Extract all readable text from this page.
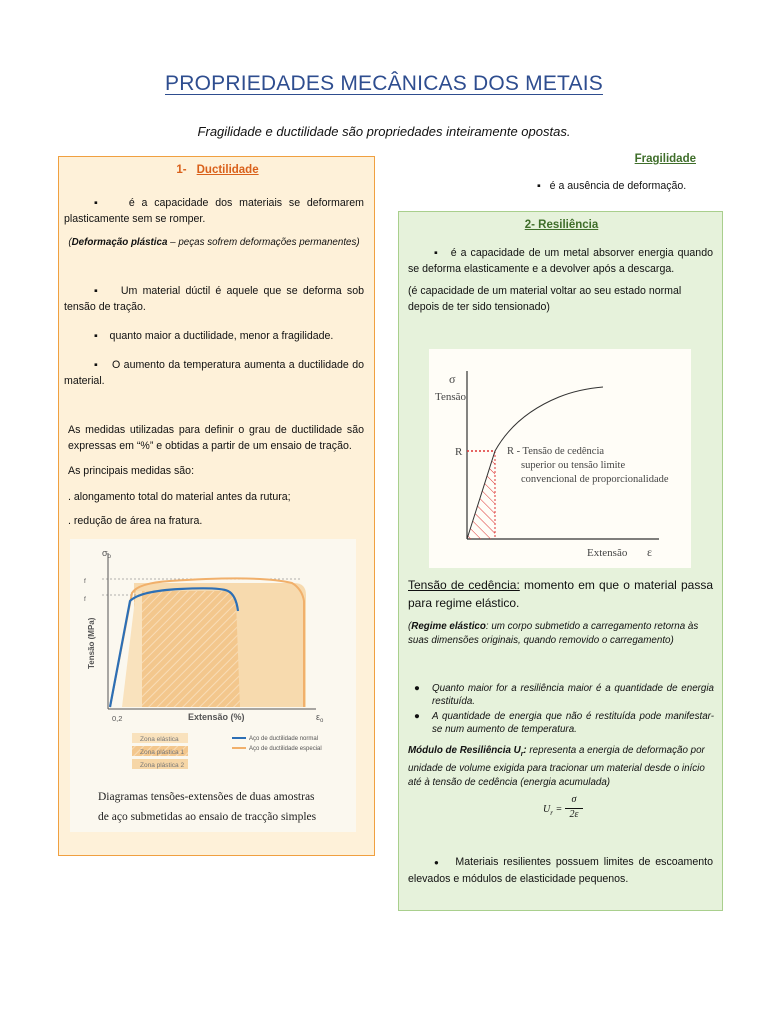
PROPRIEDADES MECÂNICAS DOS METAIS
Fragilidade e ductilidade são propriedades inteiramente opostas.
Fragilidade
▪    é a ausência de deformação.
1- Ductilidade
▪     é a capacidade dos materiais se deformarem plasticamente sem se romper.
(Deformação plástica – peças sofrem deformações permanentes)
▪     Um material dúctil é aquele que se deforma sob tensão de tração.
▪     quanto maior a ductilidade, menor a fragilidade.
▪     O aumento da temperatura aumenta a ductilidade do material.
As medidas utilizadas para definir o grau de ductilidade são expressas em “%” e obtidas a partir de um ensaio de tração.
As principais medidas são:
. alongamento total do material antes da rutura;
. redução de área na fratura.
$\sigma_o$
f
f
Tensão (MPa)
0,2	Extensão (%)	$\varepsilon_o$
Zona elástica
Zona plástica 1
Zona plástica 2
Aço de ductilidade normal
Aço de ductilidade especial
Diagramas tensões-extensões de duas amostras
de aço submetidas ao ensaio de tracção simples
2- Resiliência
▪    é a capacidade de um metal absorver energia quando se deforma elasticamente e a devolver após a descarga.
(é capacidade de um material voltar ao seu estado normal depois de ter sido tensionado)
σ
Tensão
R	R - Tensão de cedência
superior ou tensão limite
convencional de proporcionalidade
Extensão ε
Tensão de cedência: momento em que o material passa para regime elástico.
(Regime elástico: um corpo submetido a carregamento retorna às suas dimensões originais, quando removido o carregamento)
● Quanto maior for a resiliência maior é a quantidade de energia restituída.
● A quantidade de energia que não é restituída pode manifestar-se num aumento de temperatura.
Módulo de Resiliência $U_r$: representa a energia de deformação por unidade de volume exigida para tracionar um material desde o início até à tensão de cedência (energia acumulada)
$U_r$ =
σ
2ε
● Materiais resilientes possuem limites de escoamento elevados e módulos de elasticidade pequenos.
